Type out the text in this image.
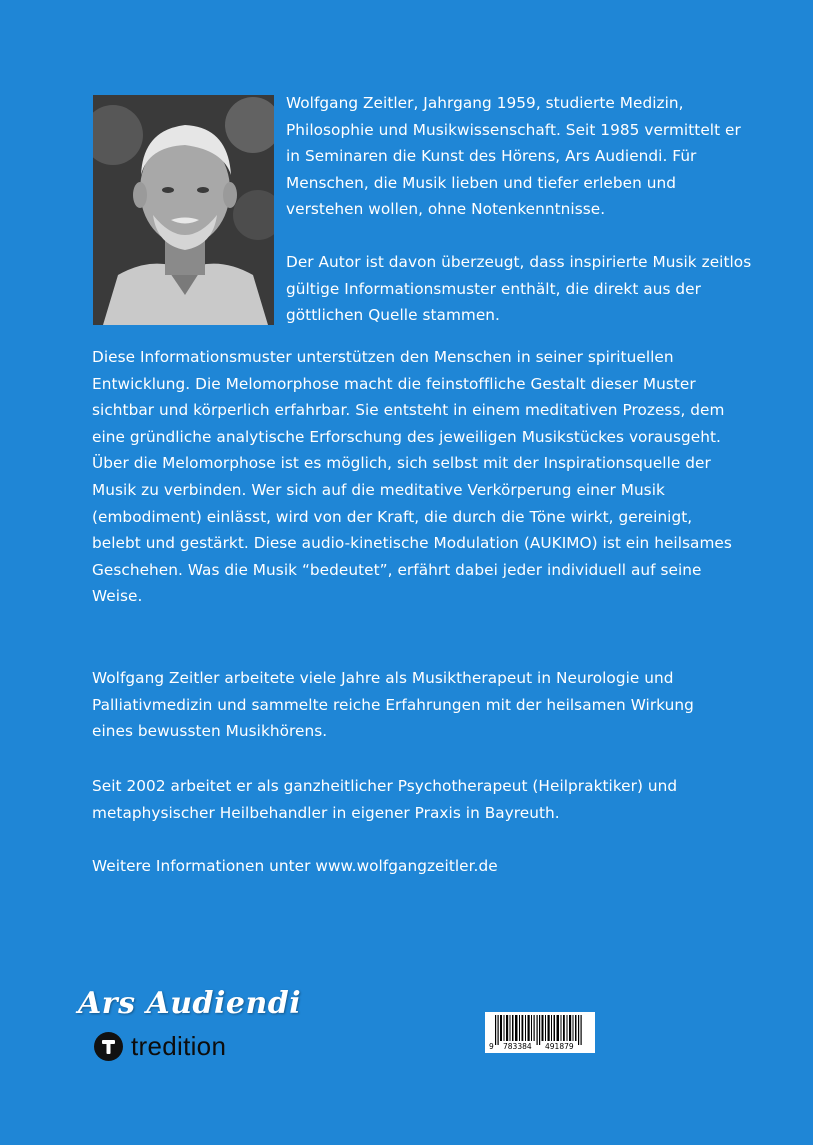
Wolfgang Zeitler, Jahrgang 1959, studierte Medizin, Philosophie und Musikwissenschaft. Seit 1985 vermittelt er in Seminaren die Kunst des Hörens, Ars Audiendi. Für Menschen, die Musik lieben und tiefer erleben und verstehen wollen, ohne Notenkenntnisse.

Der Autor ist davon überzeugt, dass inspirierte Musik zeitlos gültige Informationsmuster enthält, die direkt aus der göttlichen Quelle stammen.

Diese Informationsmuster unterstützen den Menschen in seiner spirituellen Entwicklung. Die Melomorphose macht die feinstoffliche Gestalt dieser Muster sichtbar und körperlich erfahrbar. Sie entsteht in einem meditativen Prozess, dem eine gründliche analytische Erforschung des jeweiligen Musikstückes vorausgeht. Über die Melomorphose ist es möglich, sich selbst mit der Inspirationsquelle der Musik zu verbinden. Wer sich auf die meditative Verkörperung einer Musik (embodiment) einlässt, wird von der Kraft, die durch die Töne wirkt, gereinigt, belebt und gestärkt. Diese audio-kinetische Modulation (AUKIMO) ist ein heilsames Geschehen. Was die Musik “bedeutet”, erfährt dabei jeder individuell auf seine Weise.

Wolfgang Zeitler arbeitete viele Jahre als Musiktherapeut in Neurologie und Palliativmedizin und sammelte reiche Erfahrungen mit der heilsamen Wirkung eines bewussten Musikhörens.

Seit 2002 arbeitet er als ganzheitlicher Psychotherapeut (Heilpraktiker) und metaphysischer Heilbehandler in eigener Praxis in Bayreuth.

Weitere Informationen unter www.wolfgangzeitler.de

Ars Audiendi
tredition	9 783384 491879
